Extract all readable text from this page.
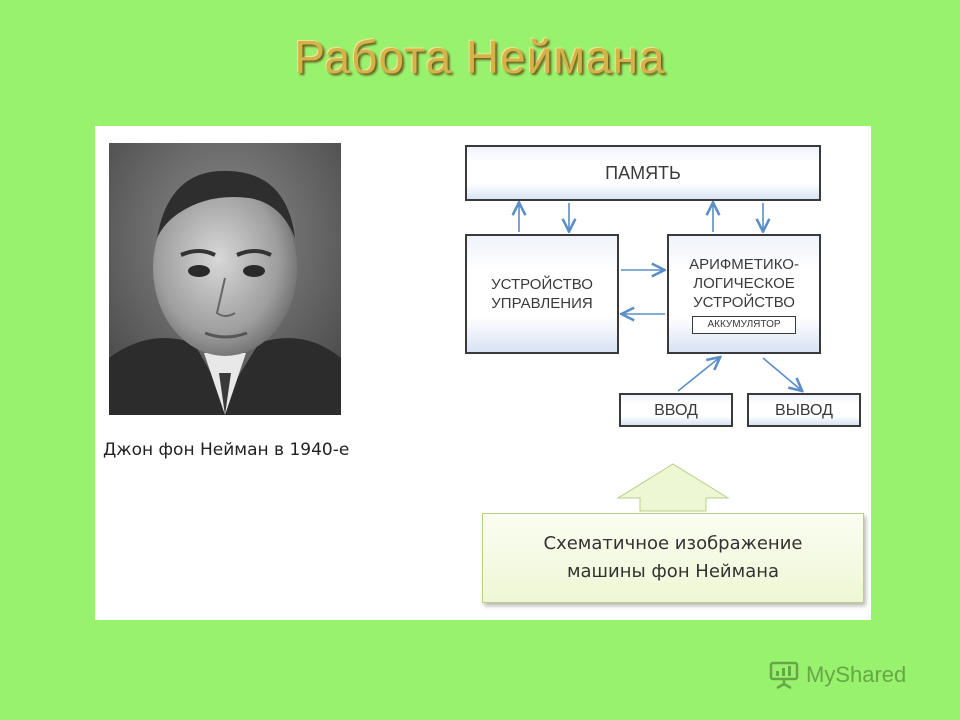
Работа Неймана
Джон фон Нейман в 1940-е
ПАМЯТЬ
УСТРОЙСТВО
УПРАВЛЕНИЯ
АРИФМЕТИКО-
ЛОГИЧЕСКОЕ
УСТРОЙСТВО
АККУМУЛЯТОР
ВВОД	ВЫВОД
Схематичное изображение
машины фон Неймана
MyShared
